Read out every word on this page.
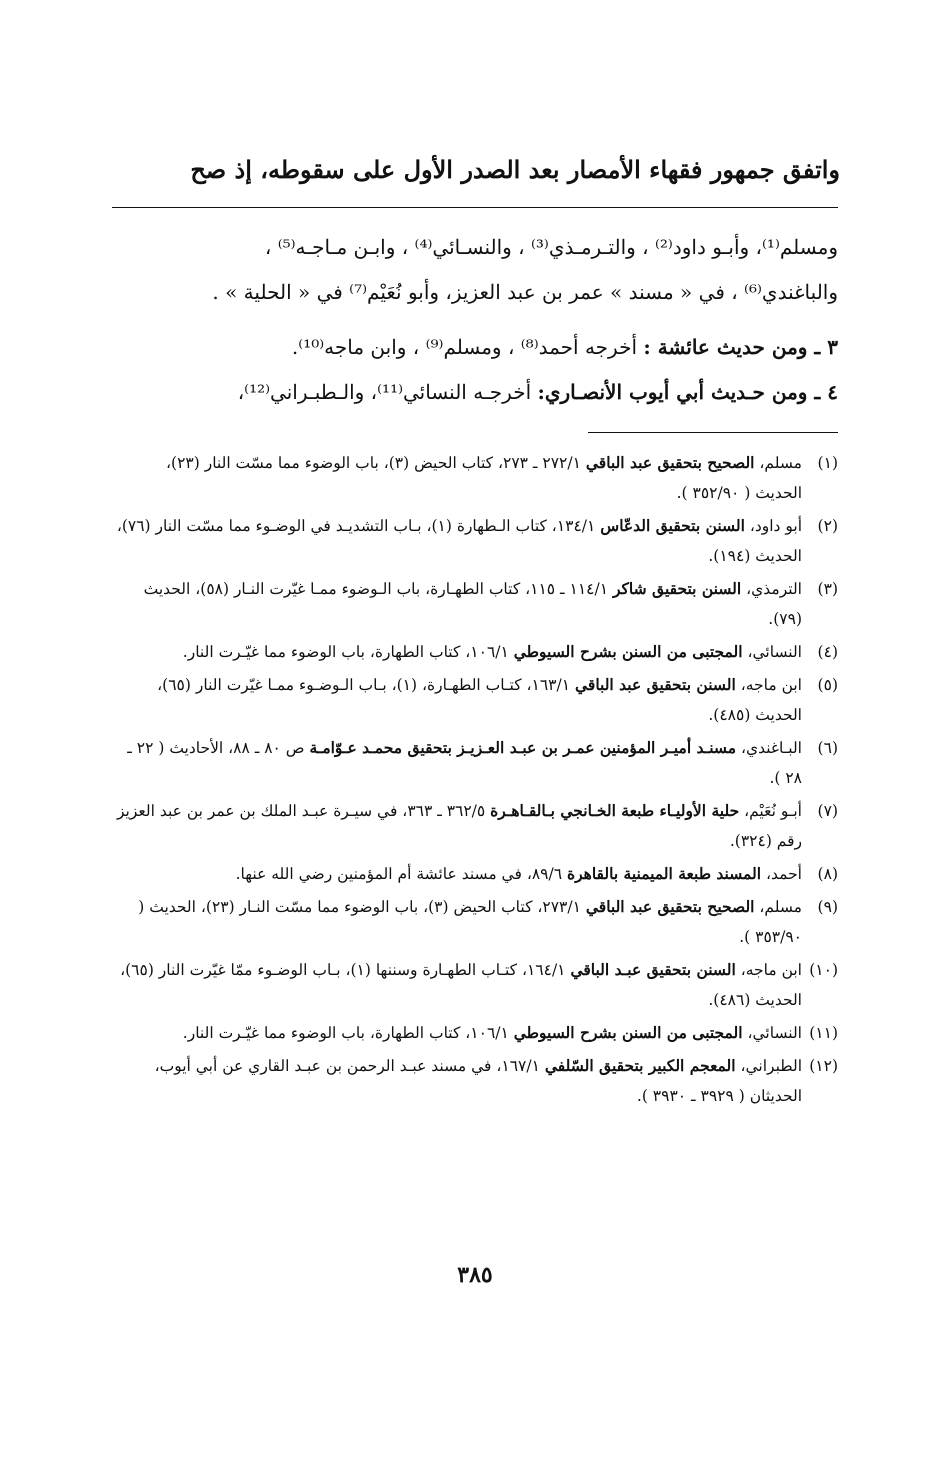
واتفق جمهور فقهاء الأمصار بعد الصدر الأول على سقوطه، إذ صح

ومسلم⁽¹⁾، وأبـو داود⁽²⁾ ، والتـرمـذي⁽³⁾ ، والنسـائي⁽⁴⁾ ، وابـن مـاجـه⁽⁵⁾ ،

والباغندي⁽⁶⁾ ، في « مسند » عمر بن عبد العزيز، وأبو نُعَيْم⁽⁷⁾ في « الحلية » .

٣ ـ ومن حديث عائشة : أخرجه أحمد⁽⁸⁾ ، ومسلم⁽⁹⁾ ، وابن ماجه⁽¹⁰⁾.

٤ ـ ومن حـديث أبي أيوب الأنصـاري: أخرجـه النسائي⁽¹¹⁾، والـطبـراني⁽¹²⁾،

(١)
مسلم، الصحيح بتحقيق عبد الباقي ٢٧٢/١ ـ ٢٧٣، كتاب الحيض (٣)، باب الوضوء مما مسّت النار (٢٣)، الحديث ( ٣٥٢/٩٠ ).
(٢)
أبو داود، السنن بتحقيق الدعّاس ١٣٤/١، كتاب الـطهارة (١)، بـاب التشديـد في الوضـوء مما مسّت النار (٧٦)، الحديث (١٩٤).
(٣)
الترمذي، السنن بتحقيق شاكر ١١٤/١ ـ ١١٥، كتاب الطهـارة، باب الـوضوء ممـا غيّرت النـار (٥٨)، الحديث (٧٩).
(٤)
النسائي، المجتبى من السنن بشرح السيوطي ١٠٦/١، كتاب الطهارة، باب الوضوء مما غيّـرت النار.
(٥)
ابن ماجه، السنن بتحقيق عبد الباقي ١٦٣/١، كتـاب الطهـارة، (١)، بـاب الـوضـوء ممـا غيّرت النار (٦٥)، الحديث (٤٨٥).
(٦)
البـاغندي، مسنـد أميـر المؤمنين عمـر بن عبـد العـزيـز بتحقيق محمـد عـوّامـة ص ٨٠ ـ ٨٨، الأحاديث ( ٢٢ ـ ٢٨ ).
(٧)
أبـو نُعَيْم، حلية الأوليـاء طبعة الخـانجي بـالقـاهـرة ٣٦٢/٥ ـ ٣٦٣، في سيـرة عبـد الملك بن عمر بن عبد العزيز رقم (٣٢٤).
(٨)
أحمد، المسند طبعة الميمنية بالقاهرة ٨٩/٦، في مسند عائشة أم المؤمنين رضي الله عنها.
(٩)
مسلم، الصحيح بتحقيق عبد الباقي ٢٧٣/١، كتاب الحيض (٣)، باب الوضوء مما مسّت النـار (٢٣)، الحديث ( ٣٥٣/٩٠ ).
(١٠)
ابن ماجه، السنن بتحقيق عبـد الباقي ١٦٤/١، كتـاب الطهـارة وسننها (١)، بـاب الوضـوء ممّا غيّرت النار (٦٥)، الحديث (٤٨٦).
(١١)
النسائي، المجتبى من السنن بشرح السيوطي ١٠٦/١، كتاب الطهارة، باب الوضوء مما غيّـرت النار.
(١٢)
الطبراني، المعجم الكبير بتحقيق السّلفي ١٦٧/١، في مسند عبـد الرحمن بن عبـد القاري عن أبي أيوب، الحديثان ( ٣٩٢٩ ـ ٣٩٣٠ ).
٣٨٥
